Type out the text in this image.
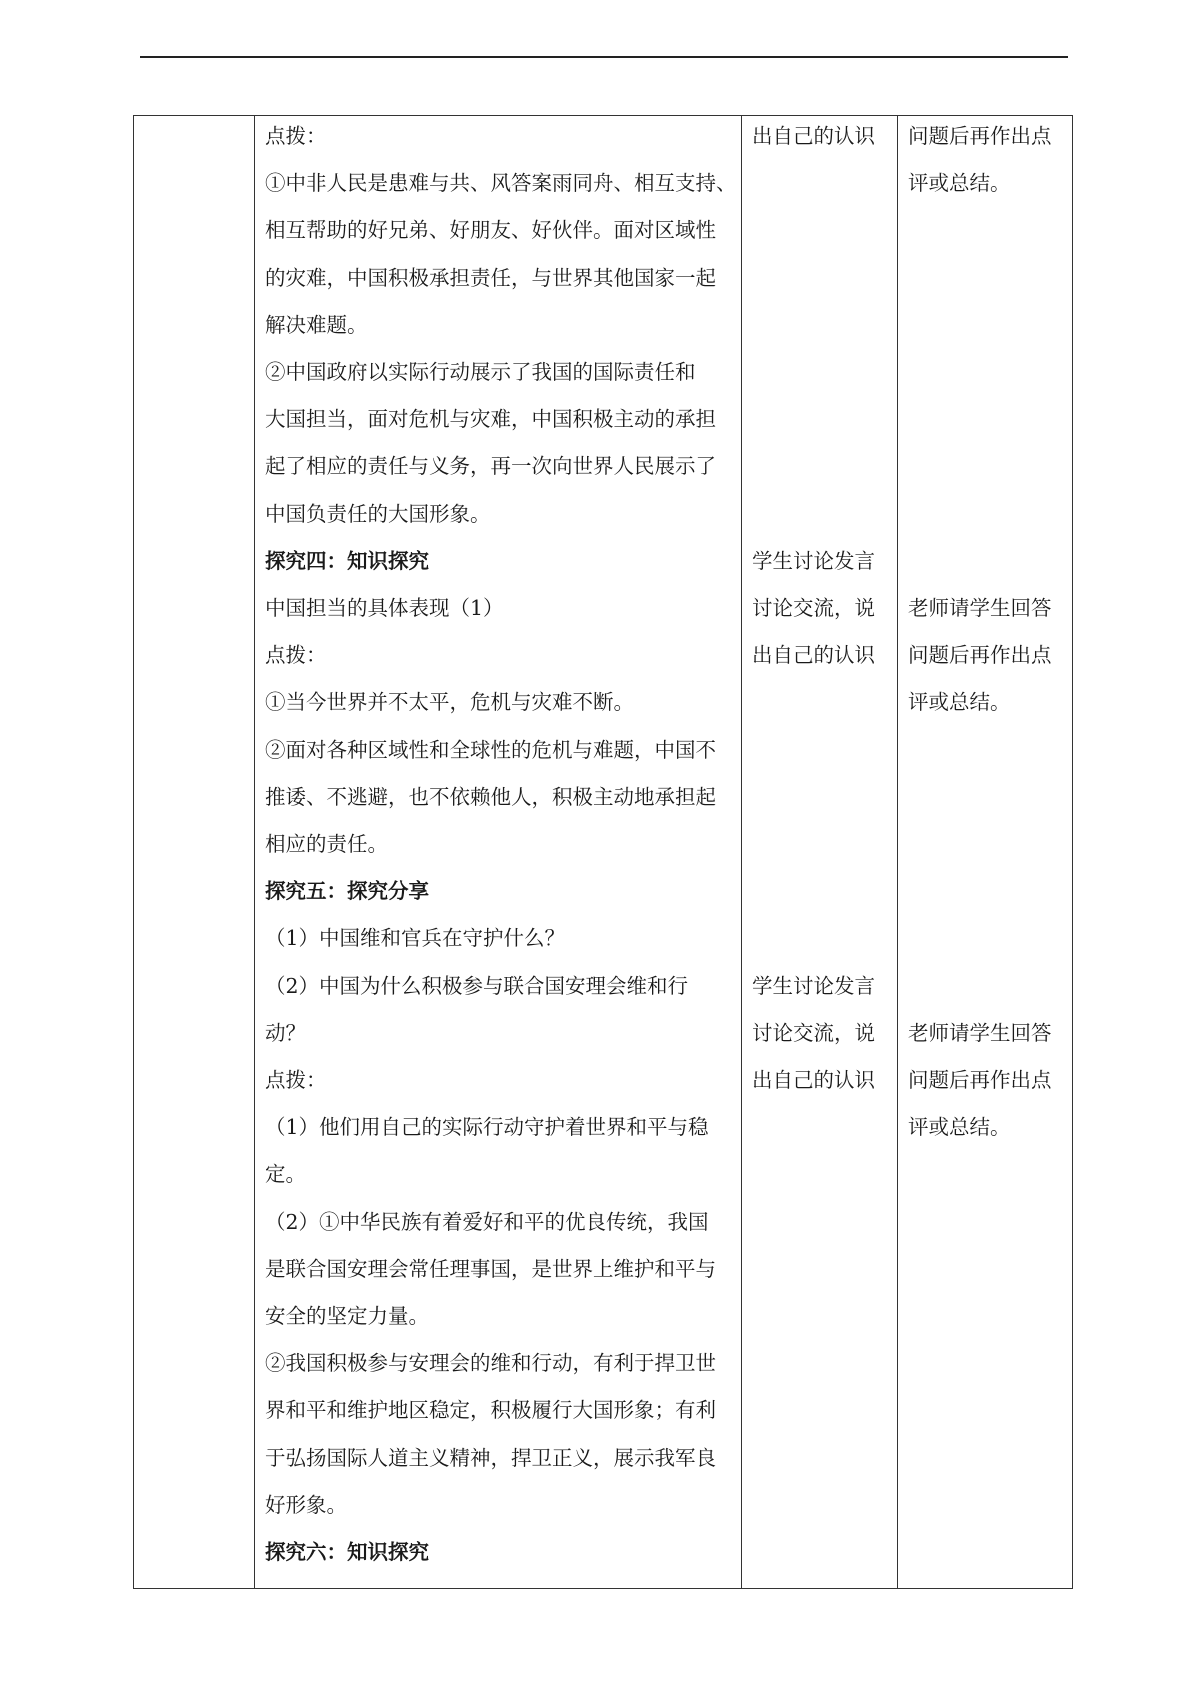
点拨：
①中非人民是患难与共、风答案雨同舟、相互支持、
相互帮助的好兄弟、好朋友、好伙伴。面对区域性
的灾难，中国积极承担责任，与世界其他国家一起
解决难题。
②中国政府以实际行动展示了我国的国际责任和
大国担当，面对危机与灾难，中国积极主动的承担
起了相应的责任与义务，再一次向世界人民展示了
中国负责任的大国形象。
探究四：知识探究
中国担当的具体表现（1）
点拨：
①当今世界并不太平，危机与灾难不断。
②面对各种区域性和全球性的危机与难题，中国不
推诿、不逃避，也不依赖他人，积极主动地承担起
相应的责任。
探究五：探究分享
（1）中国维和官兵在守护什么？
（2）中国为什么积极参与联合国安理会维和行
动？
点拨：
（1）他们用自己的实际行动守护着世界和平与稳
定。
（2）①中华民族有着爱好和平的优良传统，我国
是联合国安理会常任理事国，是世界上维护和平与
安全的坚定力量。
②我国积极参与安理会的维和行动，有利于捍卫世
界和平和维护地区稳定，积极履行大国形象；有利
于弘扬国际人道主义精神，捍卫正义，展示我军良
好形象。
探究六：知识探究
出自己的认识
学生讨论发言
讨论交流，说
出自己的认识
学生讨论发言
讨论交流，说
出自己的认识
问题后再作出点
评或总结。
老师请学生回答
问题后再作出点
评或总结。
老师请学生回答
问题后再作出点
评或总结。
